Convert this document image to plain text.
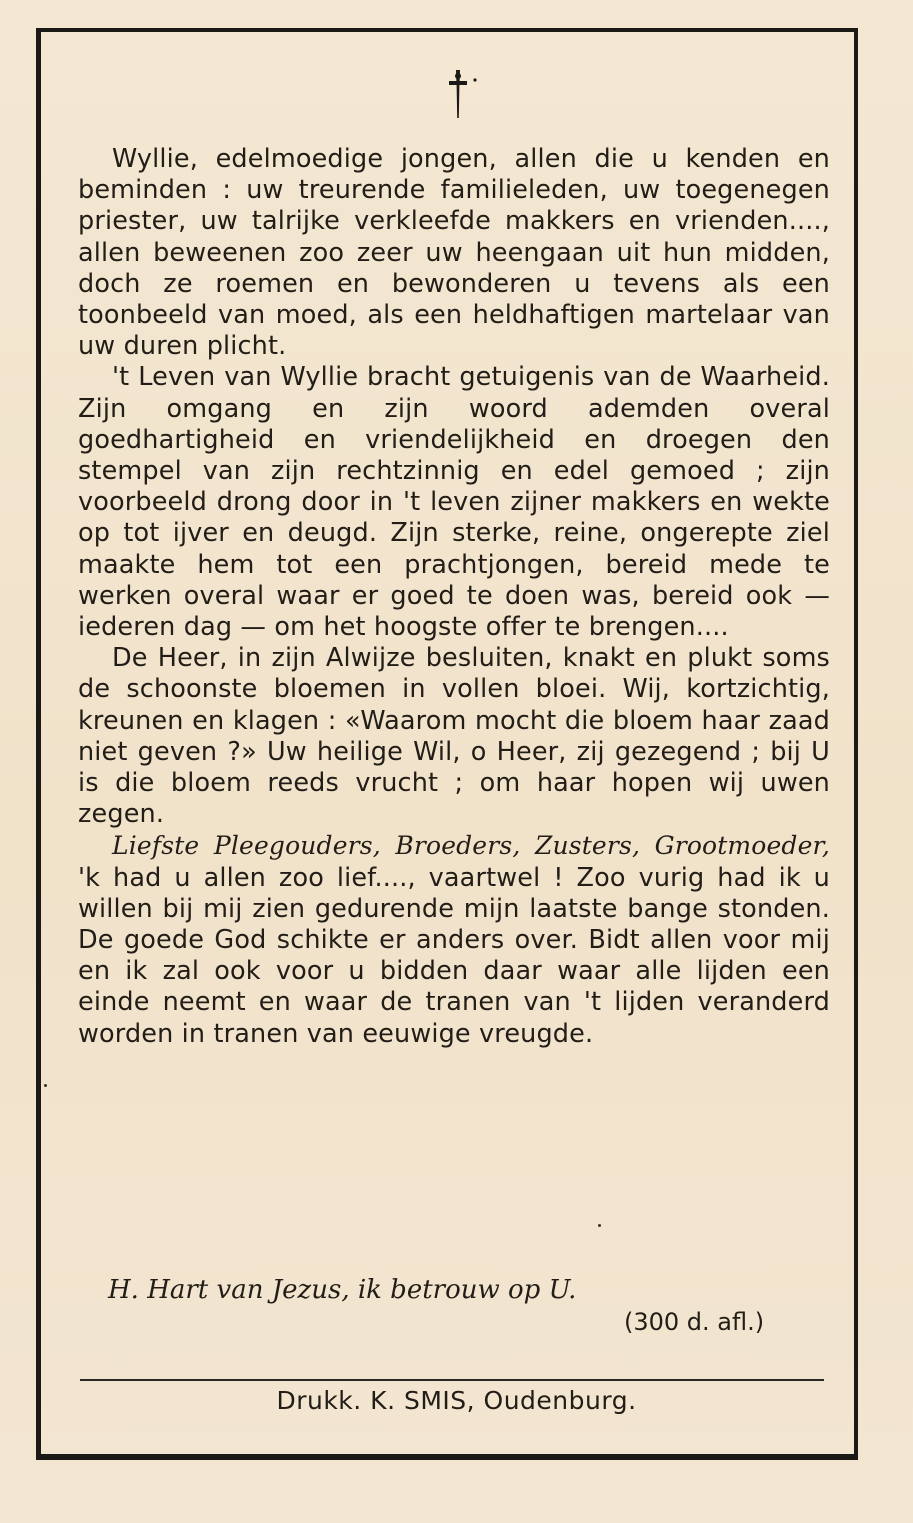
Wyllie, edelmoedige jongen, allen die u kenden en beminden : uw treurende familieleden, uw toegenegen priester, uw talrijke verkleefde makkers en vrienden...., allen beweenen zoo zeer uw heengaan uit hun midden, doch ze roemen en bewonderen u tevens als een toonbeeld van moed, als een heldhaftigen martelaar van uw duren plicht.

't Leven van Wyllie bracht getuigenis van de Waarheid. Zijn omgang en zijn woord ademden overal goedhartigheid en vriendelijkheid en droegen den stempel van zijn rechtzinnig en edel gemoed ; zijn voorbeeld drong door in 't leven zijner makkers en wekte op tot ijver en deugd. Zijn sterke, reine, ongerepte ziel maakte hem tot een prachtjongen, bereid mede te werken overal waar er goed te doen was, bereid ook — iederen dag — om het hoogste offer te brengen....

De Heer, in zijn Alwijze besluiten, knakt en plukt soms de schoonste bloemen in vollen bloei. Wij, kortzichtig, kreunen en klagen : «Waarom mocht die bloem haar zaad niet geven ?» Uw heilige Wil, o Heer, zij gezegend ; bij U is die bloem reeds vrucht ; om haar hopen wij uwen zegen.

Liefste Pleegouders, Broeders, Zusters, Grootmoeder, 'k had u allen zoo lief...., vaartwel ! Zoo vurig had ik u willen bij mij zien gedurende mijn laatste bange stonden. De goede God schikte er anders over. Bidt allen voor mij en ik zal ook voor u bidden daar waar alle lijden een einde neemt en waar de tranen van 't lijden veranderd worden in tranen van eeuwige vreugde.

H. Hart van Jezus, ik betrouw op U.
(300 d. afl.)
Drukk. K. SMIS, Oudenburg.
